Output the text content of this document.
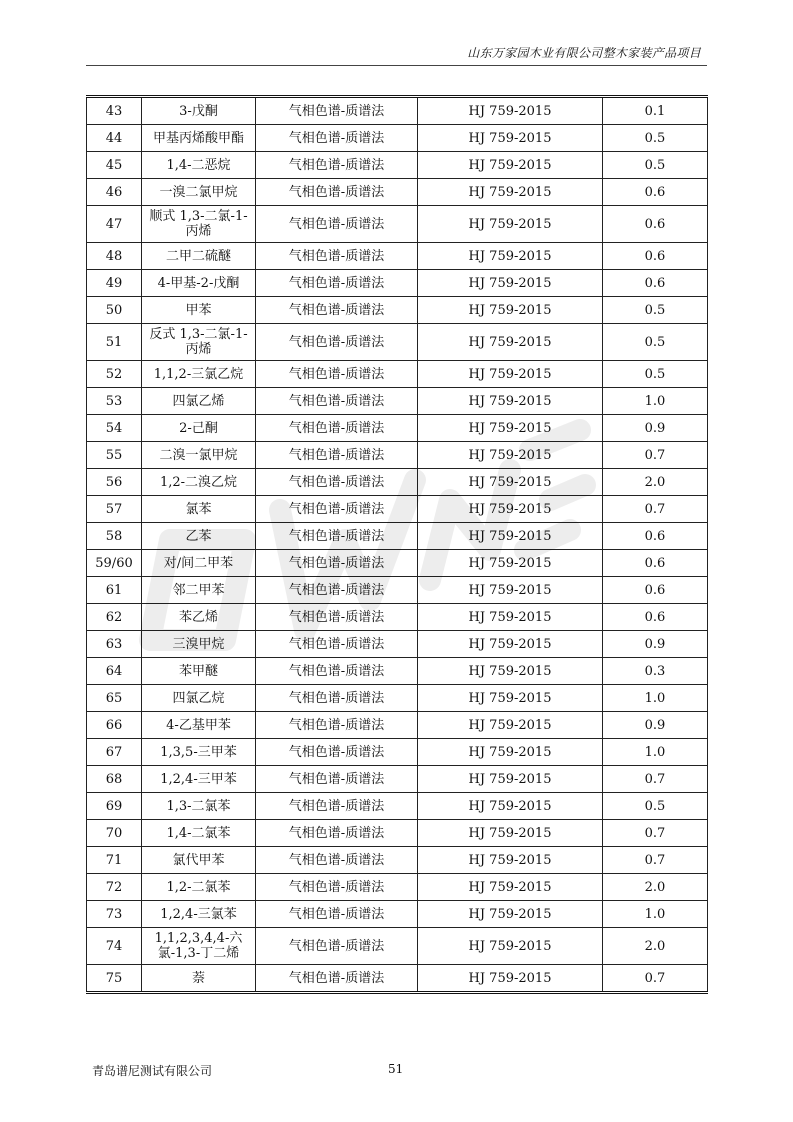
山东万家园木业有限公司整木家装产品项目
43	3-戊酮	气相色谱-质谱法	HJ 759-2015	0.1
44	甲基丙烯酸甲酯	气相色谱-质谱法	HJ 759-2015	0.5
45	1,4-二恶烷	气相色谱-质谱法	HJ 759-2015	0.5
46	一溴二氯甲烷	气相色谱-质谱法	HJ 759-2015	0.6
47	顺式 1,3-二氯-1-丙烯	气相色谱-质谱法	HJ 759-2015	0.6
48	二甲二硫醚	气相色谱-质谱法	HJ 759-2015	0.6
49	4-甲基-2-戊酮	气相色谱-质谱法	HJ 759-2015	0.6
50	甲苯	气相色谱-质谱法	HJ 759-2015	0.5
51	反式 1,3-二氯-1-丙烯	气相色谱-质谱法	HJ 759-2015	0.5
52	1,1,2-三氯乙烷	气相色谱-质谱法	HJ 759-2015	0.5
53	四氯乙烯	气相色谱-质谱法	HJ 759-2015	1.0
54	2-己酮	气相色谱-质谱法	HJ 759-2015	0.9
55	二溴一氯甲烷	气相色谱-质谱法	HJ 759-2015	0.7
56	1,2-二溴乙烷	气相色谱-质谱法	HJ 759-2015	2.0
57	氯苯	气相色谱-质谱法	HJ 759-2015	0.7
58	乙苯	气相色谱-质谱法	HJ 759-2015	0.6
59/60	对/间二甲苯	气相色谱-质谱法	HJ 759-2015	0.6
61	邻二甲苯	气相色谱-质谱法	HJ 759-2015	0.6
62	苯乙烯	气相色谱-质谱法	HJ 759-2015	0.6
63	三溴甲烷	气相色谱-质谱法	HJ 759-2015	0.9
64	苯甲醚	气相色谱-质谱法	HJ 759-2015	0.3
65	四氯乙烷	气相色谱-质谱法	HJ 759-2015	1.0
66	4-乙基甲苯	气相色谱-质谱法	HJ 759-2015	0.9
67	1,3,5-三甲苯	气相色谱-质谱法	HJ 759-2015	1.0
68	1,2,4-三甲苯	气相色谱-质谱法	HJ 759-2015	0.7
69	1,3-二氯苯	气相色谱-质谱法	HJ 759-2015	0.5
70	1,4-二氯苯	气相色谱-质谱法	HJ 759-2015	0.7
71	氯代甲苯	气相色谱-质谱法	HJ 759-2015	0.7
72	1,2-二氯苯	气相色谱-质谱法	HJ 759-2015	2.0
73	1,2,4-三氯苯	气相色谱-质谱法	HJ 759-2015	1.0
74	1,1,2,3,4,4-六氯-1,3-丁二烯	气相色谱-质谱法	HJ 759-2015	2.0
75	萘	气相色谱-质谱法	HJ 759-2015	0.7
青岛谱尼测试有限公司	51
